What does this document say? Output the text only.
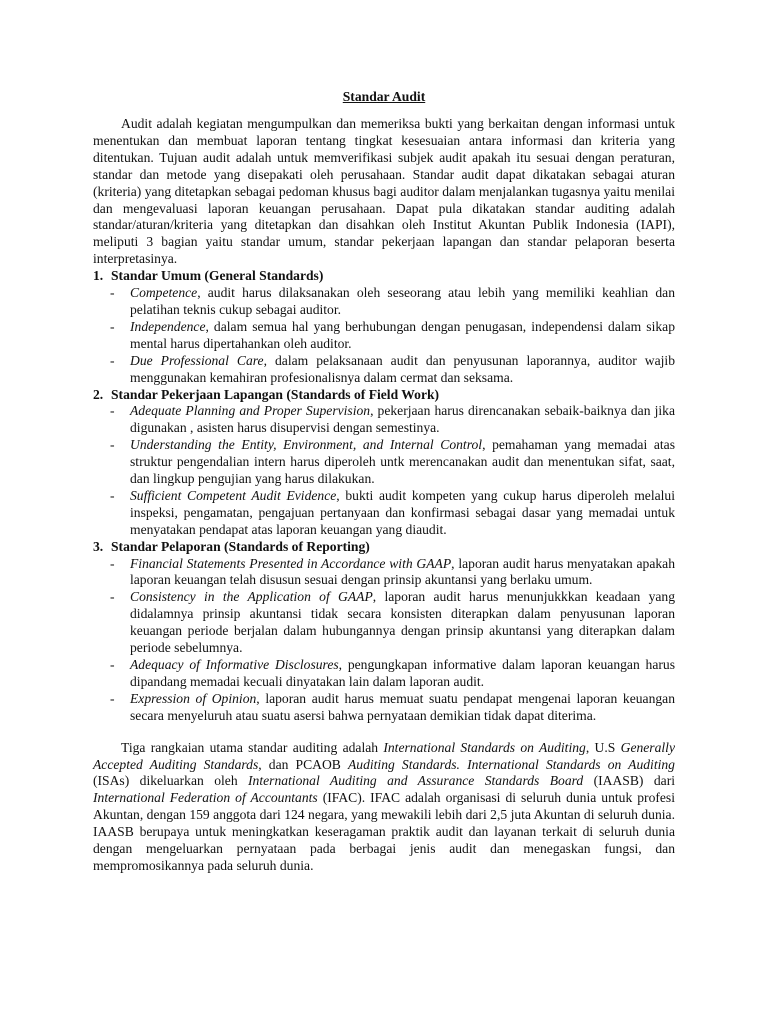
Standar Audit

Audit adalah kegiatan mengumpulkan dan memeriksa bukti yang berkaitan dengan informasi untuk menentukan dan membuat laporan tentang tingkat kesesuaian antara informasi dan kriteria yang ditentukan. Tujuan audit adalah untuk memverifikasi subjek audit apakah itu sesuai dengan peraturan, standar dan metode yang disepakati oleh perusahaan. Standar audit dapat dikatakan sebagai aturan (kriteria) yang ditetapkan sebagai pedoman khusus bagi auditor dalam menjalankan tugasnya yaitu menilai dan mengevaluasi laporan keuangan perusahaan. Dapat pula dikatakan standar auditing adalah standar/aturan/kriteria yang ditetapkan dan disahkan oleh Institut Akuntan Publik Indonesia (IAPI), meliputi 3 bagian yaitu standar umum, standar pekerjaan lapangan dan standar pelaporan beserta interpretasinya.

1. Standar Umum (General Standards)

- Competence, audit harus dilaksanakan oleh seseorang atau lebih yang memiliki keahlian dan pelatihan teknis cukup sebagai auditor.
- Independence, dalam semua hal yang berhubungan dengan penugasan, independensi dalam sikap mental harus dipertahankan oleh auditor.
- Due Professional Care, dalam pelaksanaan audit dan penyusunan laporannya, auditor wajib menggunakan kemahiran profesionalisnya dalam cermat dan seksama.

2. Standar Pekerjaan Lapangan (Standards of Field Work)

- Adequate Planning and Proper Supervision, pekerjaan harus direncanakan sebaik-baiknya dan jika digunakan , asisten harus disupervisi dengan semestinya.
- Understanding the Entity, Environment, and Internal Control, pemahaman yang memadai atas struktur pengendalian intern harus diperoleh untk merencanakan audit dan menentukan sifat, saat, dan lingkup pengujian yang harus dilakukan.
- Sufficient Competent Audit Evidence, bukti audit kompeten yang cukup harus diperoleh melalui inspeksi, pengamatan, pengajuan pertanyaan dan konfirmasi sebagai dasar yang memadai untuk menyatakan pendapat atas laporan keuangan yang diaudit.

3. Standar Pelaporan (Standards of Reporting)

- Financial Statements Presented in Accordance with GAAP, laporan audit harus menyatakan apakah laporan keuangan telah disusun sesuai dengan prinsip akuntansi yang berlaku umum.
- Consistency in the Application of GAAP, laporan audit harus menunjukkkan keadaan yang didalamnya prinsip akuntansi tidak secara konsisten diterapkan dalam penyusunan laporan keuangan periode berjalan dalam hubungannya dengan prinsip akuntansi yang diterapkan dalam periode sebelumnya.
- Adequacy of Informative Disclosures, pengungkapan informative dalam laporan keuangan harus dipandang memadai kecuali dinyatakan lain dalam laporan audit.
- Expression of Opinion, laporan audit harus memuat suatu pendapat mengenai laporan keuangan secara menyeluruh atau suatu asersi bahwa pernyataan demikian tidak dapat diterima.

Tiga rangkaian utama standar auditing adalah International Standards on Auditing, U.S Generally Accepted Auditing Standards, dan PCAOB Auditing Standards. International Standards on Auditing (ISAs) dikeluarkan oleh International Auditing and Assurance Standards Board (IAASB) dari International Federation of Accountants (IFAC). IFAC adalah organisasi di seluruh dunia untuk profesi Akuntan, dengan 159 anggota dari 124 negara, yang mewakili lebih dari 2,5 juta Akuntan di seluruh dunia. IAASB berupaya untuk meningkatkan keseragaman praktik audit dan layanan terkait di seluruh dunia dengan mengeluarkan pernyataan pada berbagai jenis audit dan menegaskan fungsi, dan mempromosikannya pada seluruh dunia.
